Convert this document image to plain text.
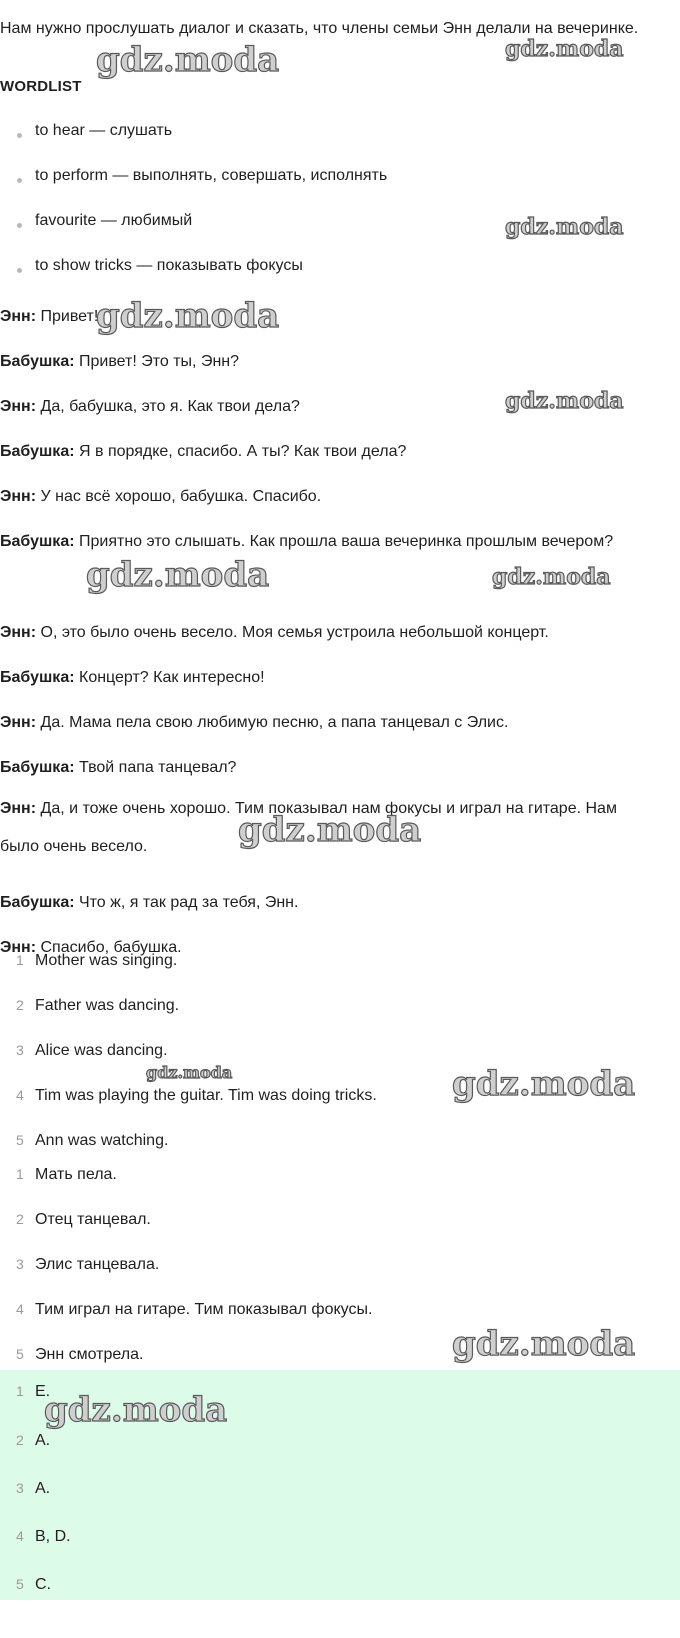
Нам нужно прослушать диалог и сказать, что члены семьи Энн делали на вечеринке.
WORDLIST
to hear — слушать
to perform — выполнять, совершать, исполнять
favourite — любимый
to show tricks — показывать фокусы
Энн: Привет!
Бабушка: Привет! Это ты, Энн?
Энн: Да, бабушка, это я. Как твои дела?
Бабушка: Я в порядке, спасибо. А ты? Как твои дела?
Энн: У нас всё хорошо, бабушка. Спасибо.
Бабушка: Приятно это слышать. Как прошла ваша вечеринка прошлым вечером?
Энн: О, это было очень весело. Моя семья устроила небольшой концерт.
Бабушка: Концерт? Как интересно!
Энн: Да. Мама пела свою любимую песню, а папа танцевал с Элис.
Бабушка: Твой папа танцевал?
Энн: Да, и тоже очень хорошо. Тим показывал нам фокусы и играл на гитаре. Нам было очень весело.
Бабушка: Что ж, я так рад за тебя, Энн.
Энн: Спасибо, бабушка.
1 Mother was singing.
2 Father was dancing.
3 Alice was dancing.
4 Tim was playing the guitar. Tim was doing tricks.
5 Ann was watching.
1 Мать пела.
2 Отец танцевал.
3 Элис танцевала.
4 Тим играл на гитаре. Тим показывал фокусы.
5 Энн смотрела.
1 E.
2 A.
3 A.
4 B, D.
5 C.
gdz.moda	gdz.moda
gdz.moda
gdz.moda
gdz.moda
gdz.moda	gdz.moda
gdz.moda
gdz.moda	gdz.moda
gdz.moda
gdz.moda
